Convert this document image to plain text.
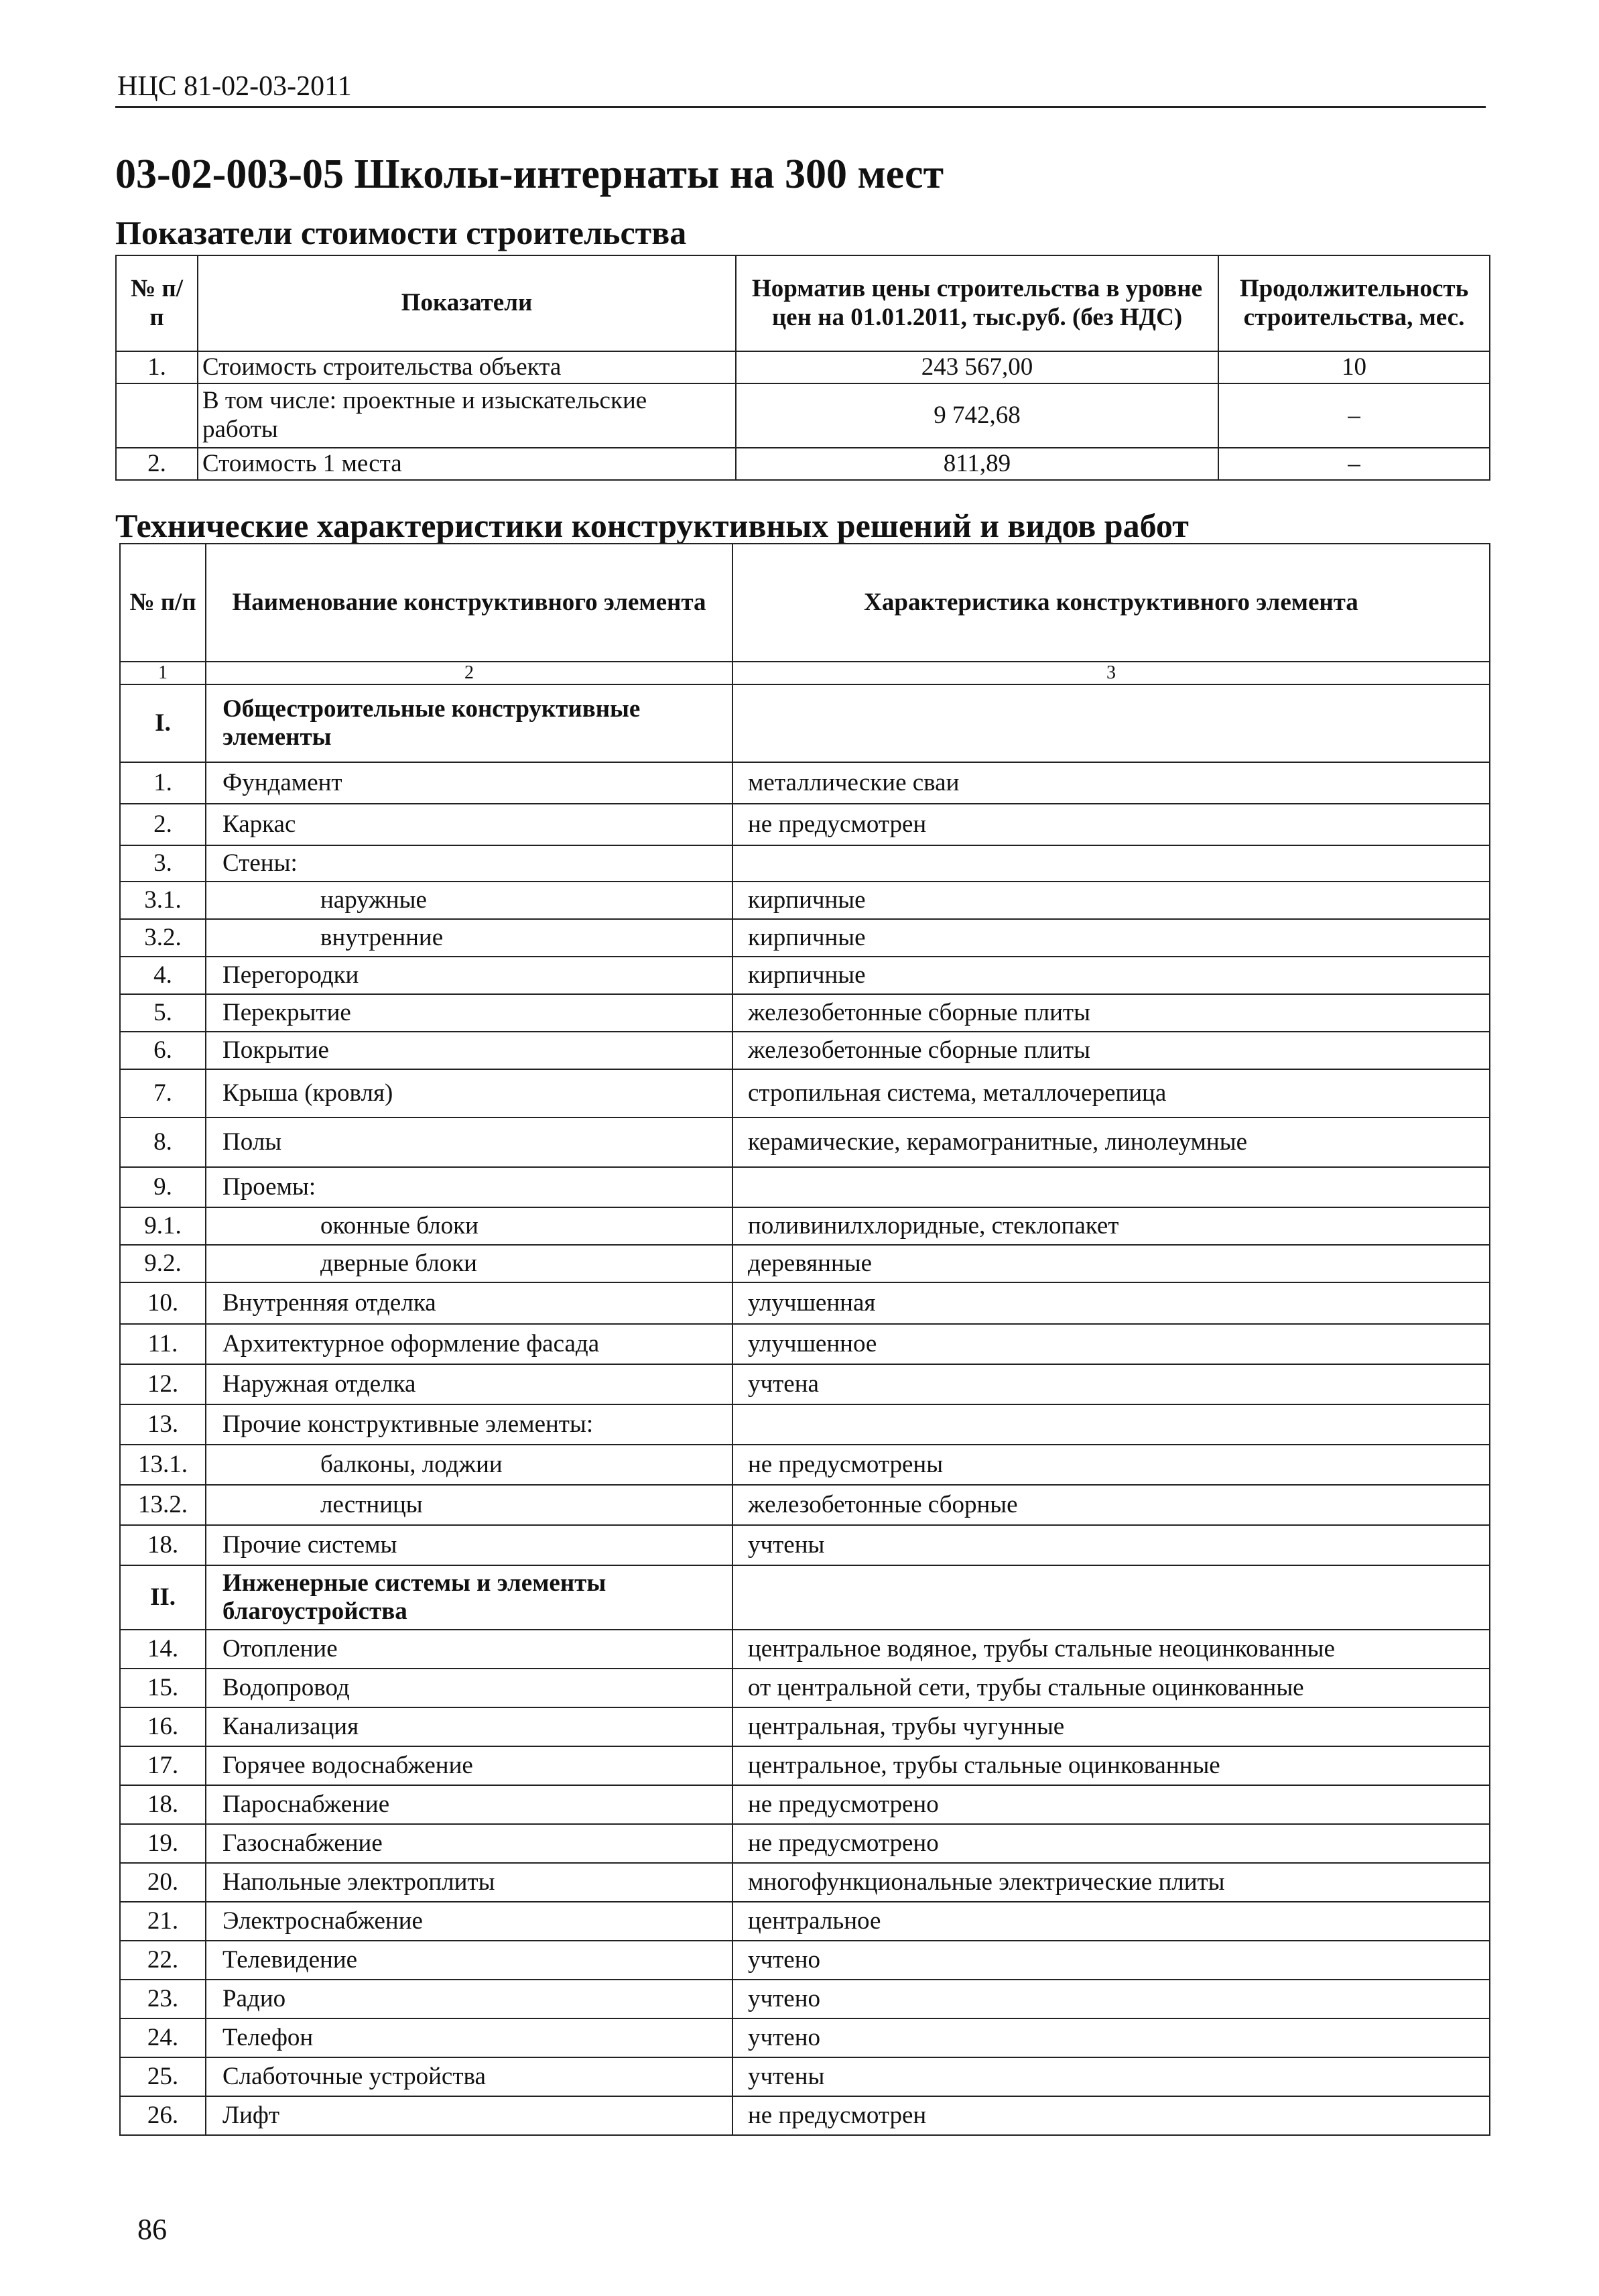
НЦС 81-02-03-2011
03-02-003-05 Школы-интернаты на 300 мест
Показатели стоимости строительства
№ п/п	Показатели	Норматив цены строительства в уровне цен на 01.01.2011, тыс.руб. (без НДС)	Продолжительность строительства, мес.
1.	Стоимость строительства объекта	243 567,00	10
	В том числе: проектные и изыскательские работы	9 742,68	–
2.	Стоимость 1 места	811,89	–
Технические характеристики конструктивных решений и видов работ
№ п/п	Наименование конструктивного элемента	Характеристика конструктивного элемента
1	2	3
I.	Общестроительные конструктивные элементы	
1.	Фундамент	металлические сваи
2.	Каркас	не предусмотрен
3.	Стены:	
3.1.	наружные	кирпичные
3.2.	внутренние	кирпичные
4.	Перегородки	кирпичные
5.	Перекрытие	железобетонные сборные плиты
6.	Покрытие	железобетонные сборные плиты
7.	Крыша (кровля)	стропильная система, металлочерепица
8.	Полы	керамические, керамогранитные, линолеумные
9.	Проемы:	
9.1.	оконные блоки	поливинилхлоридные, стеклопакет
9.2.	дверные блоки	деревянные
10.	Внутренняя отделка	улучшенная
11.	Архитектурное оформление фасада	улучшенное
12.	Наружная отделка	учтена
13.	Прочие конструктивные элементы:	
13.1.	балконы, лоджии	не предусмотрены
13.2.	лестницы	железобетонные сборные
18.	Прочие системы	учтены
II.	Инженерные системы и элементы благоустройства	
14.	Отопление	центральное водяное, трубы стальные неоцинкованные
15.	Водопровод	от центральной сети, трубы стальные оцинкованные
16.	Канализация	центральная, трубы чугунные
17.	Горячее водоснабжение	центральное, трубы стальные оцинкованные
18.	Пароснабжение	не предусмотрено
19.	Газоснабжение	не предусмотрено
20.	Напольные электроплиты	многофункциональные электрические плиты
21.	Электроснабжение	центральное
22.	Телевидение	учтено
23.	Радио	учтено
24.	Телефон	учтено
25.	Слаботочные устройства	учтены
26.	Лифт	не предусмотрен
86
